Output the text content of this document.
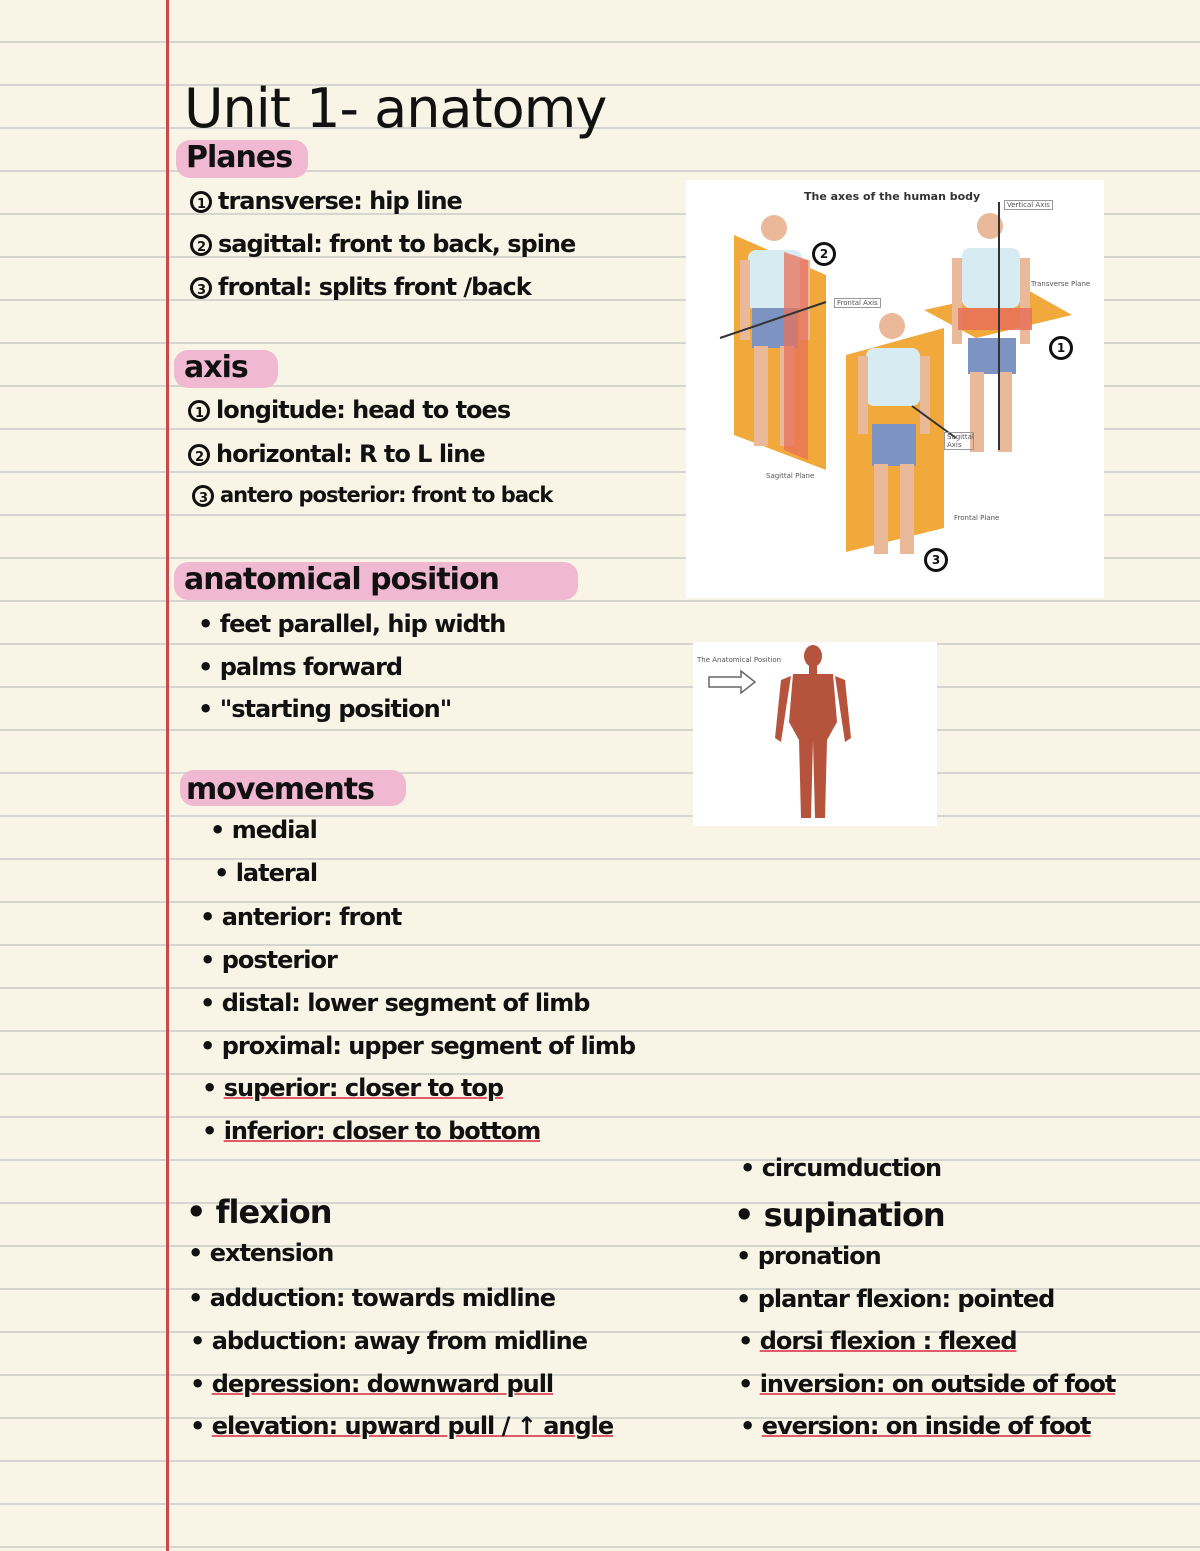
Unit 1- anatomy
Planes
1 transverse: hip line
2 sagittal: front to back, spine
3 frontal: splits front /back
axis
1 longitude: head to toes
2 horizontal: R to L line
3 antero posterior: front to back
anatomical position
• feet parallel, hip width
• palms forward
• "starting position"
movements
• medial
• lateral
• anterior: front
• posterior
• distal: lower segment of limb
• proximal: upper segment of limb
• superior: closer to top
• inferior: closer to bottom
• flexion
• extension
• adduction: towards midline
• abduction: away from midline
• depression: downward pull
• elevation: upward pull / ↑ angle
• circumduction
• supination
• pronation
• plantar flexion: pointed
• dorsi flexion : flexed
• inversion: on outside of foot
• eversion: on inside of foot
The axes of the human body
Vertical Axis
Frontal Axis
Transverse Plane
Sagittal Plane
Sagittal Axis
Frontal Plane
2
1
3
The Anatomical Position
